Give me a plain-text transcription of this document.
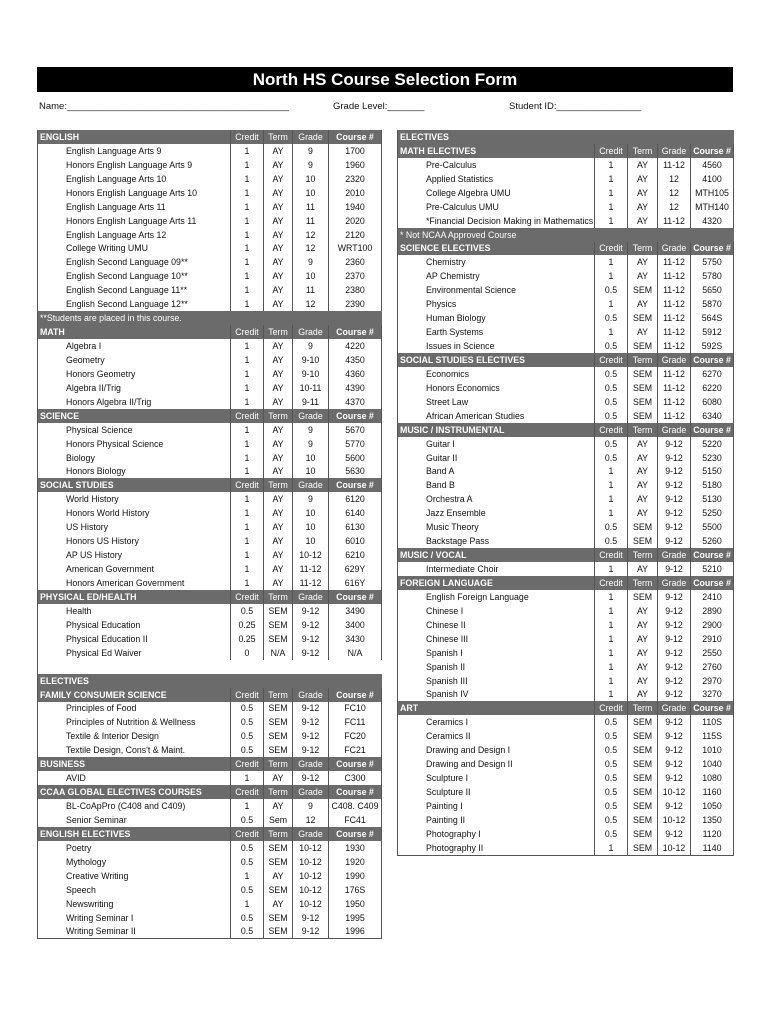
North HS Course Selection Form
Name:__________________________________________	Grade Level:_______	Student ID:________________
ENGLISH	Credit	Term	Grade	Course #
English Language Arts 9	1	AY	9	1700
Honors English Language Arts 9	1	AY	9	1960
English Language Arts 10	1	AY	10	2320
Honors English Language Arts 10	1	AY	10	2010
English Language Arts 11	1	AY	11	1940
Honors English Language Arts 11	1	AY	11	2020
English Language Arts 12	1	AY	12	2120
College Writing UMU	1	AY	12	WRT100
English Second Language 09**	1	AY	9	2360
English Second Language 10**	1	AY	10	2370
English Second Language 11**	1	AY	11	2380
English Second Language 12**	1	AY	12	2390
**Students are placed in this course.				
MATH	Credit	Term	Grade	Course #
Algebra I	1	AY	9	4220
Geometry	1	AY	9-10	4350
Honors Geometry	1	AY	9-10	4360
Algebra II/Trig	1	AY	10-11	4390
Honors Algebra II/Trig	1	AY	9-11	4370
SCIENCE	Credit	Term	Grade	Course #
Physical Science	1	AY	9	5670
Honors Physical Science	1	AY	9	5770
Biology	1	AY	10	5600
Honors Biology	1	AY	10	5630
SOCIAL STUDIES	Credit	Term	Grade	Course #
World History	1	AY	9	6120
Honors World History	1	AY	10	6140
US History	1	AY	10	6130
Honors US History	1	AY	10	6010
AP US History	1	AY	10-12	6210
American Government	1	AY	11-12	629Y
Honors American Government	1	AY	11-12	616Y
PHYSICAL ED/HEALTH	Credit	Term	Grade	Course #
Health	0.5	SEM	9-12	3490
Physical Education	0.25	SEM	9-12	3400
Physical Education II	0.25	SEM	9-12	3430
Physical Ed Waiver	0	N/A	9-12	N/A

ELECTIVES				
FAMILY CONSUMER SCIENCE	Credit	Term	Grade	Course #
Principles of Food	0.5	SEM	9-12	FC10
Principles of Nutrition & Wellness	0.5	SEM	9-12	FC11
Textile & Interior Design	0.5	SEM	9-12	FC20
Textile Design, Cons't & Maint.	0.5	SEM	9-12	FC21
BUSINESS	Credit	Term	Grade	Course #
AVID	1	AY	9-12	C300
CCAA GLOBAL ELECTIVES COURSES	Credit	Term	Grade	Course #
BL-CoApPro (C408 and C409)	1	AY	9	C408. C409
Senior Seminar	0.5	Sem	12	FC41
ENGLISH ELECTIVES	Credit	Term	Grade	Course #
Poetry	0.5	SEM	10-12	1930
Mythology	0.5	SEM	10-12	1920
Creative Writing	1	AY	10-12	1990
Speech	0.5	SEM	10-12	176S
Newswriting	1	AY	10-12	1950
Writing Seminar I	0.5	SEM	9-12	1995
Writing Seminar II	0.5	SEM	9-12	1996
ELECTIVES				
MATH ELECTIVES	Credit	Term	Grade	Course #
Pre-Calculus	1	AY	11-12	4560
Applied Statistics	1	AY	12	4100
College Algebra UMU	1	AY	12	MTH105
Pre-Calculus UMU	1	AY	12	MTH140
*Financial Decision Making in Mathematics	1	AY	11-12	4320
* Not NCAA Approved Course				
SCIENCE ELECTIVES	Credit	Term	Grade	Course #
Chemistry	1	AY	11-12	5750
AP Chemistry	1	AY	11-12	5780
Environmental Science	0.5	SEM	11-12	5650
Physics	1	AY	11-12	5870
Human Biology	0.5	SEM	11-12	564S
Earth Systems	1	AY	11-12	5912
Issues in Science	0.5	SEM	11-12	592S
SOCIAL STUDIES ELECTIVES	Credit	Term	Grade	Course #
Economics	0.5	SEM	11-12	6270
Honors Economics	0.5	SEM	11-12	6220
Street Law	0.5	SEM	11-12	6080
African American Studies	0.5	SEM	11-12	6340
MUSIC / INSTRUMENTAL	Credit	Term	Grade	Course #
Guitar I	0.5	AY	9-12	5220
Guitar II	0.5	AY	9-12	5230
Band A	1	AY	9-12	5150
Band B	1	AY	9-12	5180
Orchestra A	1	AY	9-12	5130
Jazz Ensemble	1	AY	9-12	5250
Music Theory	0.5	SEM	9-12	5500
Backstage Pass	0.5	SEM	9-12	5260
MUSIC / VOCAL	Credit	Term	Grade	Course #
Intermediate Choir	1	AY	9-12	5210
FOREIGN LANGUAGE	Credit	Term	Grade	Course #
English Foreign Language	1	SEM	9-12	2410
Chinese I	1	AY	9-12	2890
Chinese II	1	AY	9-12	2900
Chinese III	1	AY	9-12	2910
Spanish I	1	AY	9-12	2550
Spanish II	1	AY	9-12	2760
Spanish III	1	AY	9-12	2970
Spanish IV	1	AY	9-12	3270
ART	Credit	Term	Grade	Course #
Ceramics I	0.5	SEM	9-12	110S
Ceramics II	0.5	SEM	9-12	115S
Drawing and Design I	0.5	SEM	9-12	1010
Drawing and Design II	0.5	SEM	9-12	1040
Sculpture I	0.5	SEM	9-12	1080
Sculpture II	0.5	SEM	10-12	1160
Painting I	0.5	SEM	9-12	1050
Painting II	0.5	SEM	10-12	1350
Photography I	0.5	SEM	9-12	1120
Photography II	1	SEM	10-12	1140
